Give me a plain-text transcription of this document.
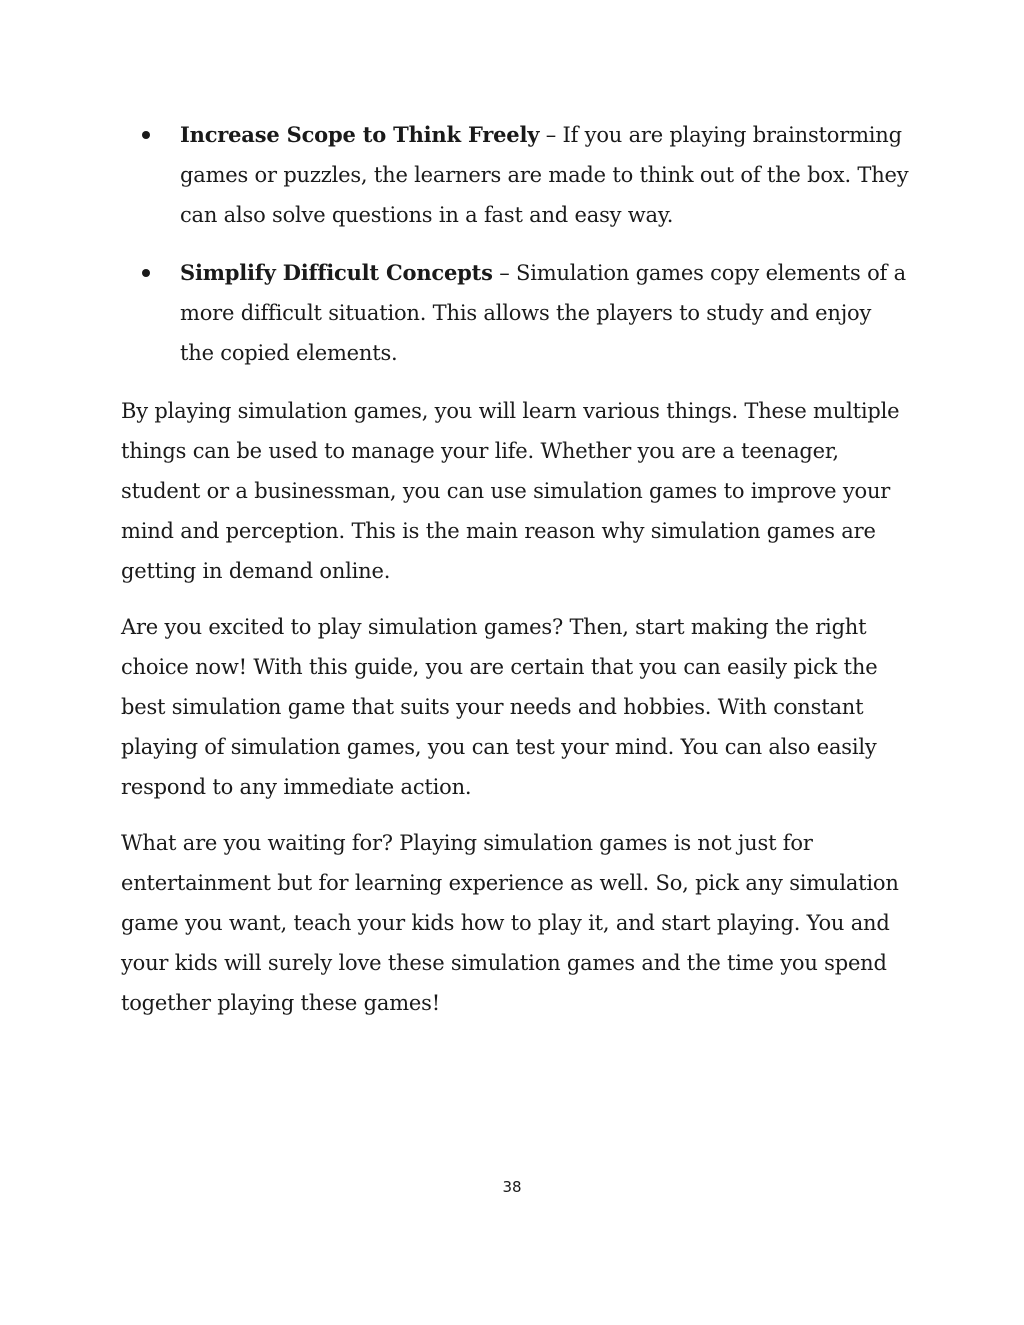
Increase Scope to Think Freely – If you are playing brainstorming games or puzzles, the learners are made to think out of the box. They can also solve questions in a fast and easy way.
Simplify Difficult Concepts – Simulation games copy elements of a more difficult situation. This allows the players to study and enjoy the copied elements.

By playing simulation games, you will learn various things. These multiple things can be used to manage your life. Whether you are a teenager, student or a businessman, you can use simulation games to improve your mind and perception. This is the main reason why simulation games are getting in demand online.

Are you excited to play simulation games? Then, start making the right choice now! With this guide, you are certain that you can easily pick the best simulation game that suits your needs and hobbies. With constant playing of simulation games, you can test your mind. You can also easily respond to any immediate action.

What are you waiting for? Playing simulation games is not just for entertainment but for learning experience as well. So, pick any simulation game you want, teach your kids how to play it, and start playing. You and your kids will surely love these simulation games and the time you spend together playing these games!

38
